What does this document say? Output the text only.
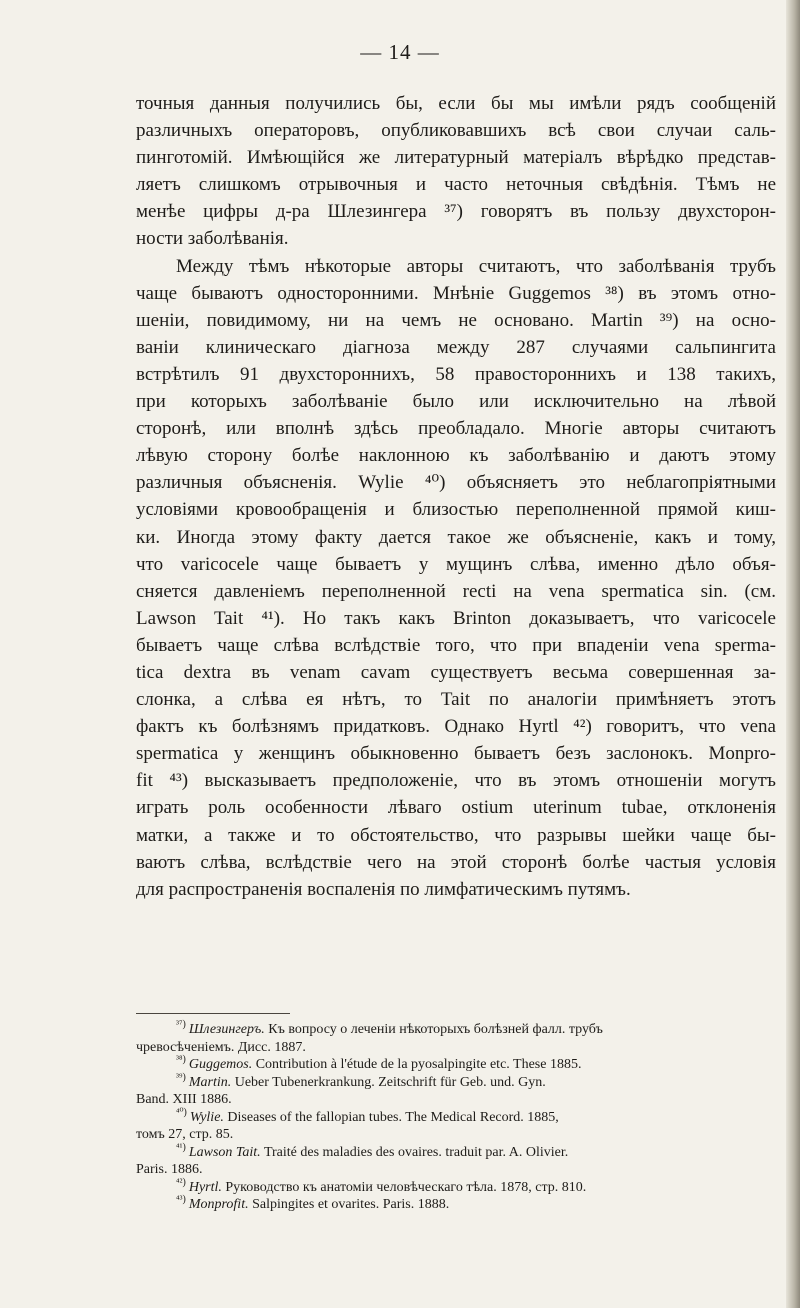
— 14 —
точныя данныя получились бы, если бы мы имѣли рядъ сообщеній
различныхъ операторовъ, опубликовавшихъ всѣ свои случаи саль-
пинготомій. Имѣющійся же литературный матеріалъ вѣрѣдко представ-
ляетъ слишкомъ отрывочныя и часто неточныя свѣдѣнія. Тѣмъ не
менѣе цифры д-ра Шлезингера ³⁷) говорятъ въ пользу двухсторон-
ности заболѣванія.
Между тѣмъ нѣкоторые авторы считаютъ, что заболѣванія трубъ
чаще бываютъ односторонними. Мнѣніе Guggemos ³⁸) въ этомъ отно-
шеніи, повидимому, ни на чемъ не основано. Martin ³⁹) на осно-
ваніи клиническаго діагноза между 287 случаями сальпингита
встрѣтилъ 91 двухстороннихъ, 58 правостороннихъ и 138 такихъ,
при которыхъ заболѣваніе было или исключительно на лѣвой
сторонѣ, или вполнѣ здѣсь преобладало. Многіе авторы считаютъ
лѣвую сторону болѣе наклонною къ заболѣванію и даютъ этому
различныя объясненія. Wylie ⁴⁰) объясняетъ это неблагопріятными
условіями кровообращенія и близостью переполненной прямой киш-
ки. Иногда этому факту дается такое же объясненіе, какъ и тому,
что varicocele чаще бываетъ у мущинъ слѣва, именно дѣло объя-
сняется давленіемъ переполненной recti на vena spermatica sin. (см.
Lawson Tait ⁴¹). Но такъ какъ Brinton доказываетъ, что varicocele
бываетъ чаще слѣва вслѣдствіе того, что при впаденіи vena sperma-
tica dextra въ venam cavam существуетъ весьма совершенная за-
слонка, а слѣва ея нѣтъ, то Tait по аналогіи примѣняетъ этотъ
фактъ къ болѣзнямъ придатковъ. Однако Hyrtl ⁴²) говоритъ, что vena
spermatica у женщинъ обыкновенно бываетъ безъ заслонокъ. Monpro-
fit ⁴³) высказываетъ предположеніе, что въ этомъ отношеніи могутъ
играть роль особенности лѣваго ostium uterinum tubae, отклоненія
матки, а также и то обстоятельство, что разрывы шейки чаще бы-
ваютъ слѣва, вслѣдствіе чего на этой сторонѣ болѣе частыя условія
для распространенія воспаленія по лимфатическимъ путямъ.
$^{^{37})}$ Шлезингеръ. Къ вопросу о леченіи нѣкоторыхъ болѣзней фалл. трубъ
чревосѣченіемъ. Дисс. 1887.
$^{^{38})}$ Guggemos. Contribution à l'étude de la pyosalpingite etc. These 1885.
$^{^{39})}$ Martin. Ueber Tubenerkrankung. Zeitschrift für Geb. und. Gyn.
Band. XIII 1886.
$^{^{40})}$ Wylie. Diseases of the fallopian tubes. The Medical Record. 1885,
томъ 27, стр. 85.
$^{^{41})}$ Lawson Tait. Traité des maladies des ovaires. traduit par. A. Olivier.
Paris. 1886.
$^{^{42})}$ Hyrtl. Руководство къ анатоміи человѣческаго тѣла. 1878, стр. 810.
$^{^{43})}$ Monprofit. Salpingites et ovarites. Paris. 1888.
